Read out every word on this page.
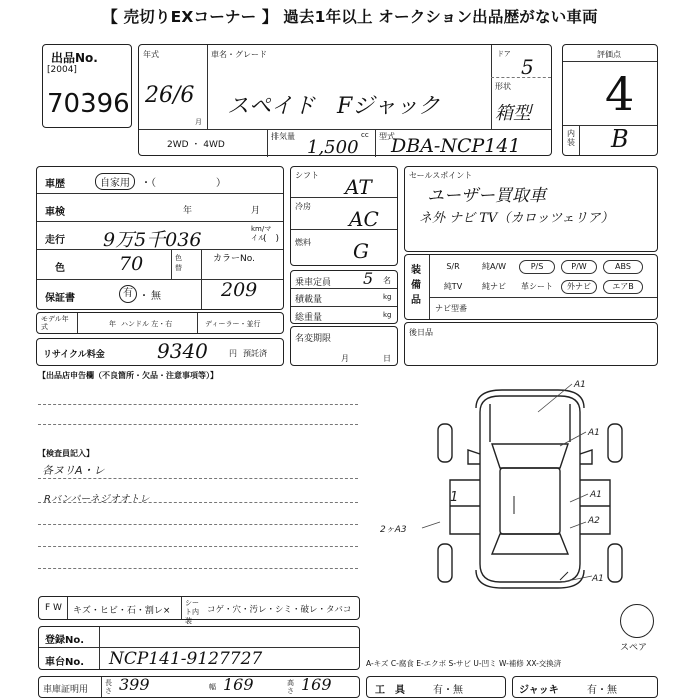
【 売切りEXコーナー 】 過去1年以上 オークション出品歴がない車両
出品No.
[2004]
70396
年式
26/6
月
車名・グレード
スペイド　Fジャック
ドア
5
形状
箱型
2WD ・ 4WD
排気量	cc
1,500
型式
DBA-NCP141
評価点
4
内装 B
車歴	自家用	・（　　　　　　）
車検	年	月
走行 9万5千036	km/マイル
(　)
色	70	色替
カラーNo.
209
保証書	有 ・ 無
モデル年式	年 ハンドル 左・右	ディーラー・並行
リサイクル料金	9340	円 預託済
シフト AT
冷房
AC
燃料 G
乗車定員 5 名
積載量	kg
総重量	kg
名変期限
月	日
セールスポイント
ユーザー買取車
ネ外 ナビ TV（カロッツェリア）
装備品
S/R	純A/W	P/S	P/W	ABS
純TV	純ナビ	革シート	外ナビ	エアB
ナビ型番
後日品
【出品店申告欄（不良箇所・欠品・注意事項等）】
【検査員記入】
各ヌリA・レ
Rバンパーネジオオトレ
A1
A1
A1
A2
A1
2ヶA3
1
スペア
F W キズ・ヒビ・石・割レ×
シート内装
コゲ・穴・汚レ・シミ・破レ・タバコ
登録No.
車台No. NCP141-9127727	A-キズ C-腐食 E-エクボ S-サビ U-凹ミ W-補修 XX-交換済
車庫証明用
長さ 399	幅 169	高さ 169	工　具	有・無	ジャッキ	有・無
